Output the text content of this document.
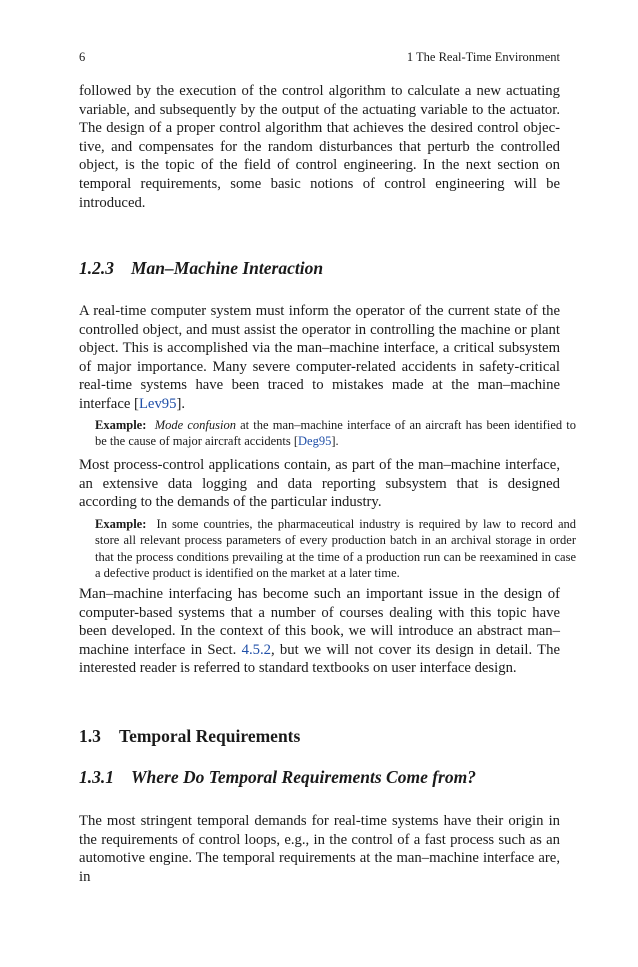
6	1 The Real-Time Environment

followed by the execution of the control algorithm to calculate a new actuating variable, and subsequently by the output of the actuating variable to the actuator. The design of a proper control algorithm that achieves the desired control objective, and compensates for the random disturbances that perturb the controlled object, is the topic of the field of control engineering. In the next section on temporal requirements, some basic notions of control engineering will be introduced.

1.2.3 Man–Machine Interaction

A real-time computer system must inform the operator of the current state of the controlled object, and must assist the operator in controlling the machine or plant object. This is accomplished via the man–machine interface, a critical subsystem of major importance. Many severe computer-related accidents in safety-critical real-time systems have been traced to mistakes made at the man–machine interface [Lev95].

Example: Mode confusion at the man–machine interface of an aircraft has been identified to be the cause of major aircraft accidents [Deg95].

Most process-control applications contain, as part of the man–machine interface, an extensive data logging and data reporting subsystem that is designed according to the demands of the particular industry.

Example: In some countries, the pharmaceutical industry is required by law to record and store all relevant process parameters of every production batch in an archival storage in order that the process conditions prevailing at the time of a production run can be reexamined in case a defective product is identified on the market at a later time.

Man–machine interfacing has become such an important issue in the design of computer-based systems that a number of courses dealing with this topic have been developed. In the context of this book, we will introduce an abstract man–machine interface in Sect. 4.5.2, but we will not cover its design in detail. The interested reader is referred to standard textbooks on user interface design.

1.3 Temporal Requirements
1.3.1 Where Do Temporal Requirements Come from?

The most stringent temporal demands for real-time systems have their origin in the requirements of control loops, e.g., in the control of a fast process such as an automotive engine. The temporal requirements at the man–machine interface are, in
